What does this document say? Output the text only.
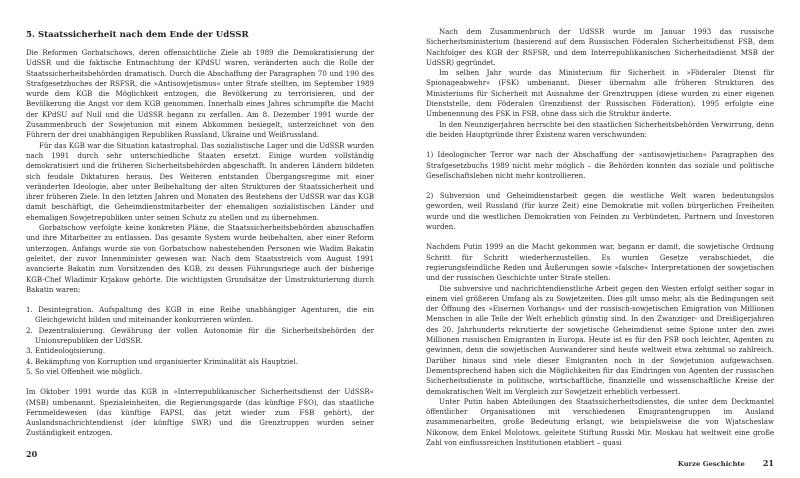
5. Staatssicherheit nach dem Ende der UdSSR

Die Reformen Gorbatschows, deren offensichtliche Ziele ab 1989 die Demokratisierung der UdSSR und die faktische Entmachtung der KPdSU waren, veränderten auch die Rolle der Staatssicherheitsbehörden dramatisch. Durch die Abschaffung der Paragraphen 70 und 190 des Strafgesetzbuches der RSFSR, die »Antisowjetismus« unter Strafe stellten, im September 1989 wurde dem KGB die Möglichkeit entzogen, die Bevölkerung zu terrorisieren, und der Bevölkerung die Angst vor dem KGB genommen. Innerhalb eines Jahres schrumpfte die Macht der KPdSU auf Null und die UdSSR begann zu zerfallen. Am 8. Dezember 1991 wurde der Zusammenbruch der Sowjetunion mit einem Abkommen besiegelt, unterzeichnet von den Führern der drei unabhängigen Republiken Russland, Ukraine und Weißrussland.

Für das KGB war die Situation katastrophal. Das sozialistische Lager und die UdSSR wurden nach 1991 durch sehr unterschiedliche Staaten ersetzt. Einige wurden vollständig demokratisiert und die früheren Sicherheitsbehörden abgeschafft. In anderen Ländern bildeten sich feudale Diktaturen heraus. Des Weiteren entstanden Übergangsregime mit einer veränderten Ideologie, aber unter Beibehaltung der alten Strukturen der Staatssicherheit und ihrer früheren Ziele. In den letzten Jahren und Monaten des Bestehens der UdSSR war das KGB damit beschäftigt, die Geheimdienstmitarbeiter der ehemaligen sozialistischen Länder und ehemaligen Sowjetrepubliken unter seinen Schutz zu stellen und zu übernehmen.

Gorbatschow verfolgte keine konkreten Pläne, die Staatssicherheitsbehörden abzuschaffen und ihre Mitarbeiter zu entlassen. Das gesamte System wurde beibehalten, aber einer Reform unterzogen. Anfangs wurde sie von Gorbatschow nahestehenden Personen wie Wadim Bakatin geleitet, der zuvor Innenminister gewesen war. Nach dem Staatsstreich vom August 1991 avancierte Bakatin zum Vorsitzenden des KGB, zu dessen Führungsriege auch der bisherige KGB-Chef Wladimir Krjakow gehörte. Die wichtigsten Grundsätze der Umstrukturierung durch Bakatin waren:

1. Desintegration. Aufspaltung des KGB in eine Reihe unabhängiger Agenturen, die ein Gleichgewicht bilden und miteinander konkurrieren würden.
2. Dezentralisierung. Gewährung der vollen Autonomie für die Sicherheitsbehörden der Unionsrepubliken der UdSSR.
3. Entideologisierung.
4. Bekämpfung von Korruption und organisierter Kriminalität als Hauptziel.
5. So viel Offenheit wie möglich.

Im Oktober 1991 wurde das KGB in »Interrepublikanischer Sicherheitsdienst der UdSSR« (MSB) umbenannt. Spezialeinheiten, die Regierungsgarde (das künftige FSO), das staatliche Fernmeldewesen (das künftige FAPSI, das jetzt wieder zum FSB gehört), der Auslandsnachrichtendienst (der künftige SWR) und die Grenztruppen wurden seiner Zuständigkeit entzogen.

20

Nach dem Zusammenbruch der UdSSR wurde im Januar 1993 das russische Sicherheitsministerium (basierend auf dem Russischen Föderalen Sicherheitsdienst FSB, dem Nachfolger des KGB der RSFSR, und dem Interrepublikanischen Sicherheitsdienst MSB der UdSSR) gegründet.

Im selben Jahr wurde das Ministerium für Sicherheit in »Föderaler Dienst für Spionageabwehr« (FSK) umbenannt. Dieser übernahm alle früheren Strukturen des Ministeriums für Sicherheit mit Ausnahme der Grenztruppen (diese wurden zu einer eigenen Dienststelle, dem Föderalen Grenzdienst der Russischen Föderation). 1995 erfolgte eine Umbenennung des FSK in FSB, ohne dass sich die Struktur änderte.

In den Neunzigerjahren herrschte bei den staatlichen Sicherheitsbehörden Verwirrung, denn die beiden Hauptgründe ihrer Existenz waren verschwunden:

1) Ideologischer Terror war nach der Abschaffung der »antisowjetischen« Paragraphen des Strafgesetzbuchs 1989 nicht mehr möglich – die Behörden konnten das soziale und politische Gesellschaftsleben nicht mehr kontrollieren.

2) Subversion und Geheimdienstarbeit gegen die westliche Welt waren bedeutungslos geworden, weil Russland (für kurze Zeit) eine Demokratie mit vollen bürgerlichen Freiheiten wurde und die westlichen Demokratien von Feinden zu Verbündeten, Partnern und Investoren wurden.

Nachdem Putin 1999 an die Macht gekommen war, begann er damit, die sowjetische Ordnung Schritt für Schritt wiederherzustellen. Es wurden Gesetze verabschiedet, die regierungsfeindliche Reden und Äußerungen sowie »falsche« Interpretationen der sowjetischen und der russischen Geschichte unter Strafe stellen.

Die subversive und nachrichtendienstliche Arbeit gegen den Westen erfolgt seither sogar in einem viel größeren Umfang als zu Sowjetzeiten. Dies gilt umso mehr, als die Bedingungen seit der Öffnung des »Eisernen Vorhangs« und der russisch-sowjetischen Emigration von Millionen Menschen in alle Teile der Welt erheblich günstig sind. In den Zwanziger- und Dreißigerjahren des 20. Jahrhunderts rekrutierte der sowjetische Geheimdienst seine Spione unter den zwei Millionen russischen Emigranten in Europa. Heute ist es für den FSB noch leichter, Agenten zu gewinnen, denn die sowjetischen Auswanderer sind heute weltweit etwa zehnmal so zahlreich. Darüber hinaus sind viele dieser Emigranten noch in der Sowjetunion aufgewachsen. Dementsprechend haben sich die Möglichkeiten für das Eindringen von Agenten der russischen Sicherheitsdienste in politische, wirtschaftliche, finanzielle und wissenschaftliche Kreise der demokratischen Welt im Vergleich zur Sowjetzeit erheblich verbessert.

Unter Putin haben Abteilungen des Staatssicherheitsdienstes, die unter dem Deckmantel öffentlicher Organisationen mit verschiedenen Emigrantengruppen im Ausland zusammenarbeiten, große Bedeutung erlangt, wie beispielsweise die von Wjatscheslaw Nikonow, dem Enkel Molotows, geleitete Stiftung Russki Mir. Moskau hat weltweit eine große Zahl von einflussreichen Institutionen etabliert – quasi

Kurze Geschichte 21
